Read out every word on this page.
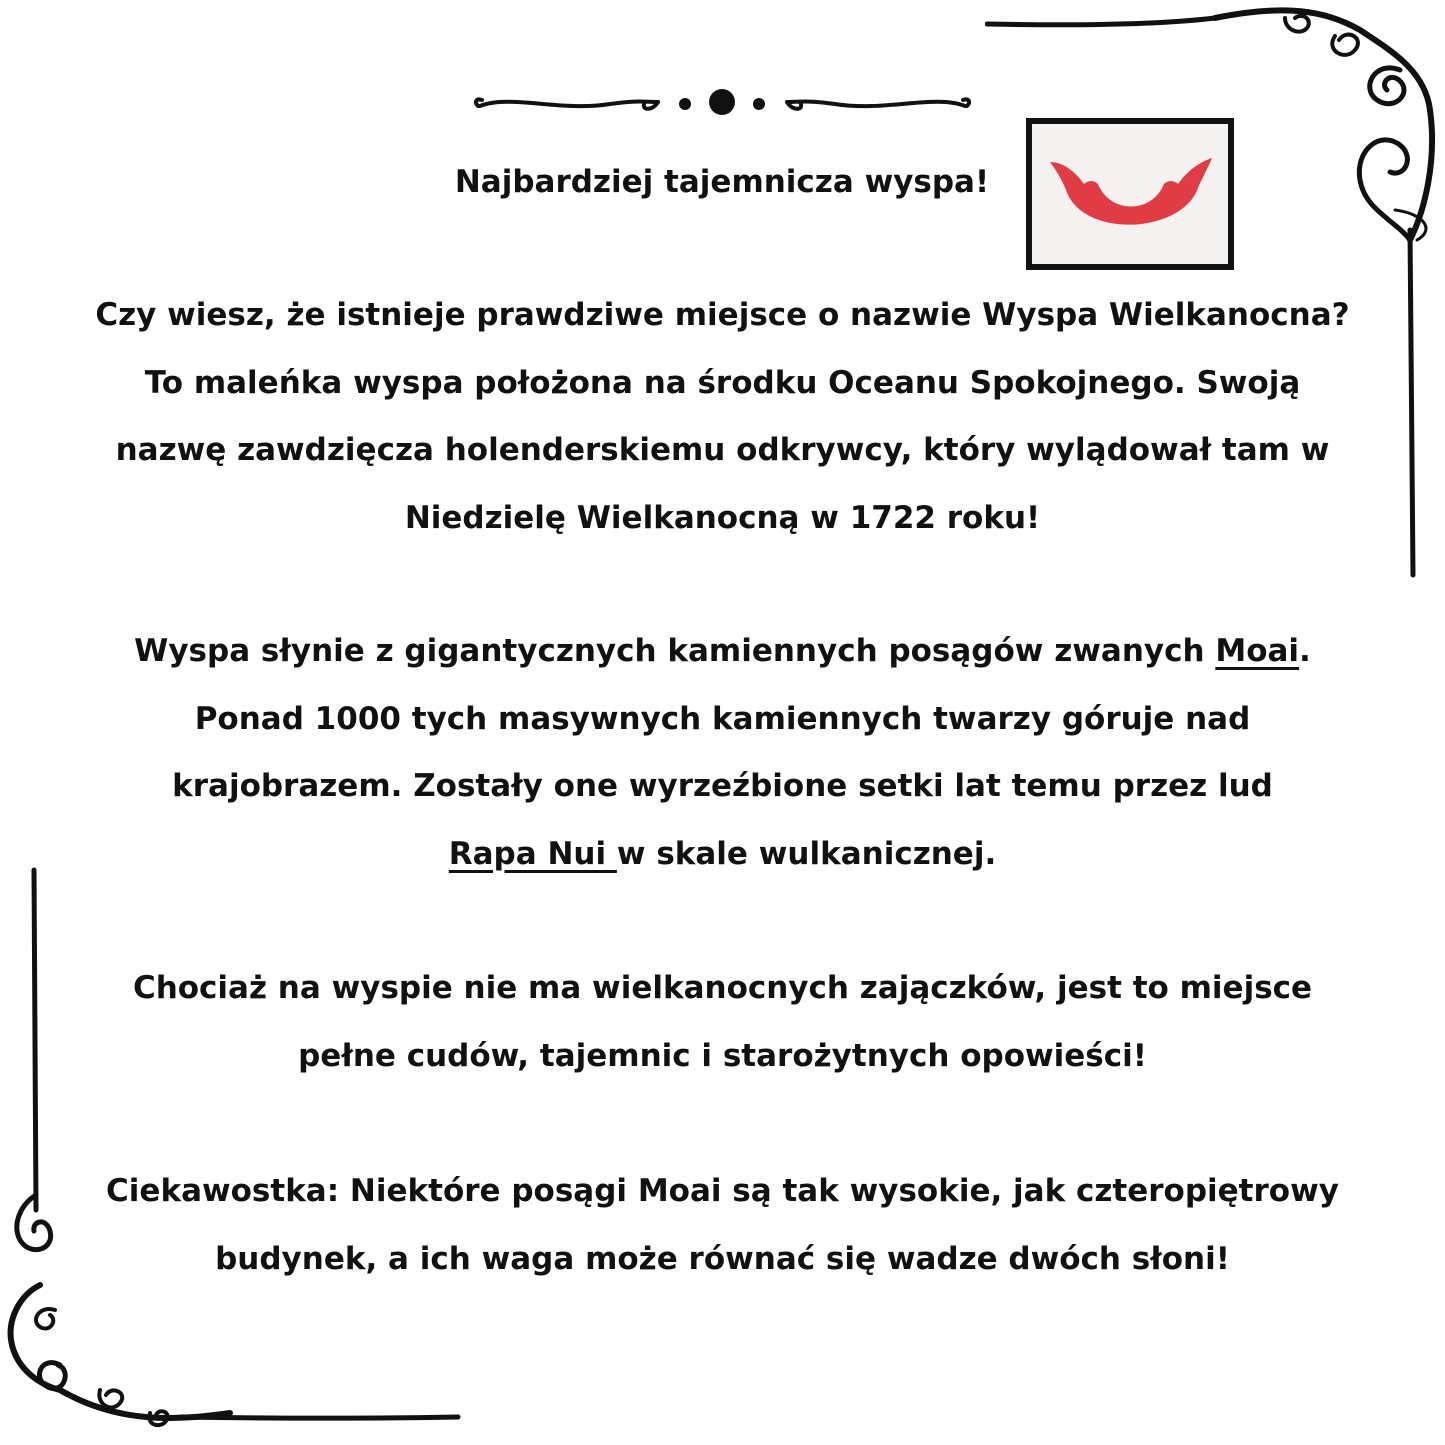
Najbardziej tajemnicza wyspa!

Czy wiesz, że istnieje prawdziwe miejsce o nazwie Wyspa Wielkanocna?
To maleńka wyspa położona na środku Oceanu Spokojnego. Swoją
nazwę zawdzięcza holenderskiemu odkrywcy, który wylądował tam w
Niedzielę Wielkanocną w 1722 roku!

Wyspa słynie z gigantycznych kamiennych posągów zwanych Moai.
Ponad 1000 tych masywnych kamiennych twarzy góruje nad
krajobrazem. Zostały one wyrzeźbione setki lat temu przez lud
Rapa Nui w skale wulkanicznej.

Chociaż na wyspie nie ma wielkanocnych zajączków, jest to miejsce
pełne cudów, tajemnic i starożytnych opowieści!

Ciekawostka: Niektóre posągi Moai są tak wysokie, jak czteropiętrowy
budynek, a ich waga może równać się wadze dwóch słoni!
